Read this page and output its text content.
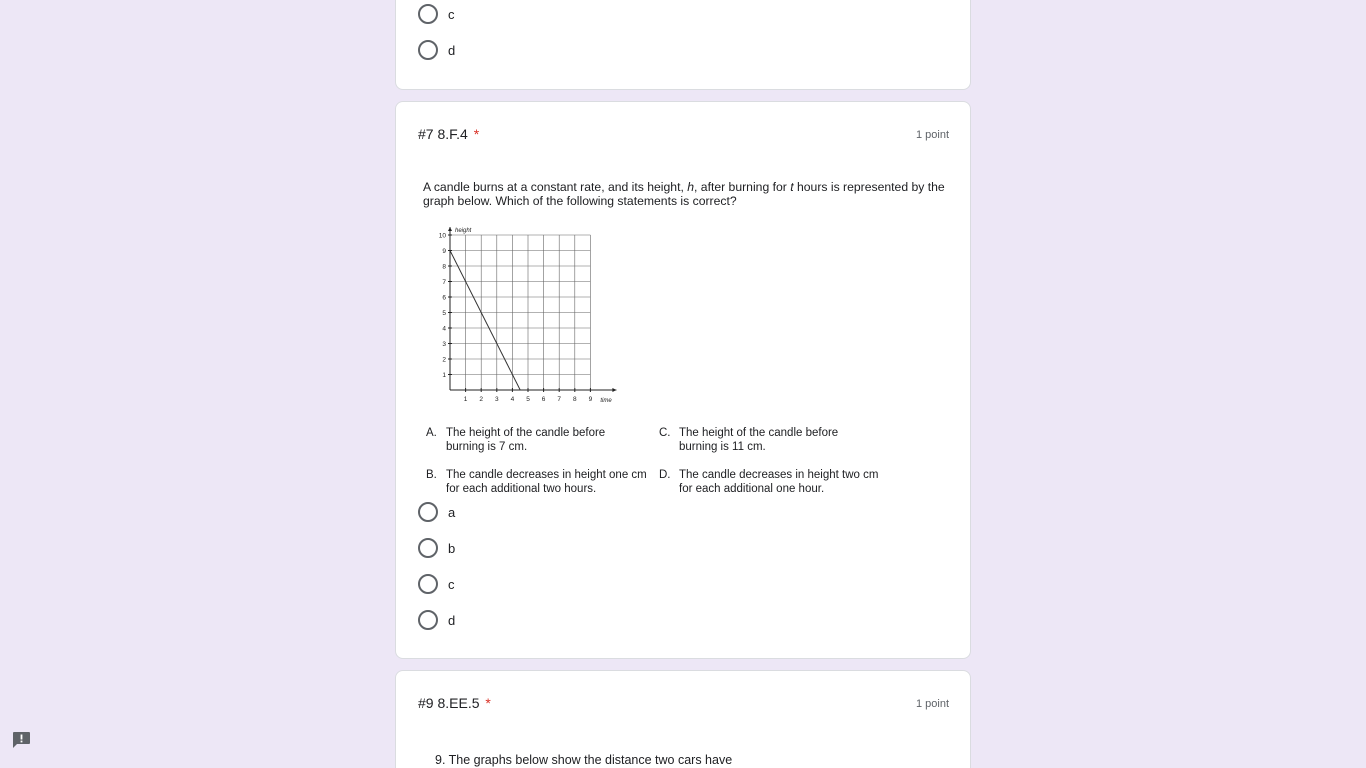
c
d
#7 8.F.4 *	1 point
A candle burns at a constant rate, and its height, h, after burning for t hours is represented by the graph below. Which of the following statements is correct?
1 2 3 4 5 6 7 8 9
1
2
3
4
5
6
7
8
9
10
time
height
A. The height of the candle before burning is 7 cm.
B. The candle decreases in height one cm for each additional two hours.
C. The height of the candle before burning is 11 cm.
D. The candle decreases in height two cm for each additional one hour.
a
b
c
d
#9 8.EE.5 *	1 point
9. The graphs below show the distance two cars have
